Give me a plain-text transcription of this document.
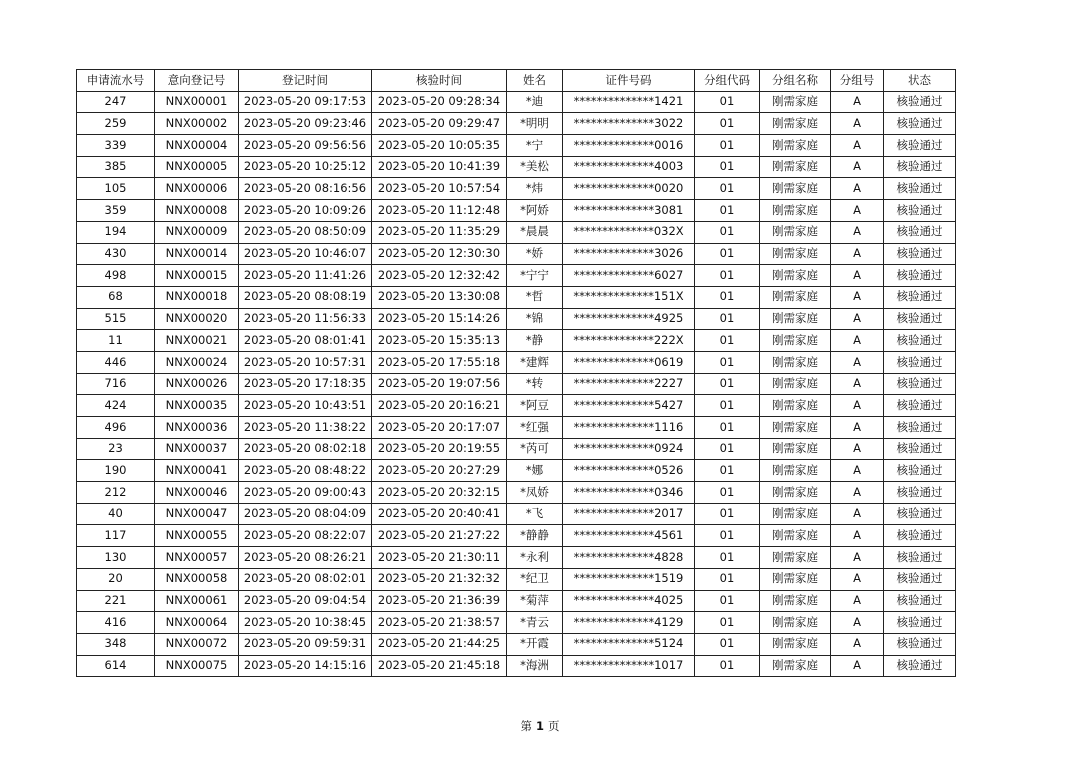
申请流水号	意向登记号	登记时间	核验时间	姓名	证件号码	分组代码	分组名称	分组号	状态
247	NNX00001	2023-05-20 09:17:53	2023-05-20 09:28:34	*迪	**************1421	01	刚需家庭	A	核验通过
259	NNX00002	2023-05-20 09:23:46	2023-05-20 09:29:47	*明明	**************3022	01	刚需家庭	A	核验通过
339	NNX00004	2023-05-20 09:56:56	2023-05-20 10:05:35	*宁	**************0016	01	刚需家庭	A	核验通过
385	NNX00005	2023-05-20 10:25:12	2023-05-20 10:41:39	*美松	**************4003	01	刚需家庭	A	核验通过
105	NNX00006	2023-05-20 08:16:56	2023-05-20 10:57:54	*炜	**************0020	01	刚需家庭	A	核验通过
359	NNX00008	2023-05-20 10:09:26	2023-05-20 11:12:48	*阿娇	**************3081	01	刚需家庭	A	核验通过
194	NNX00009	2023-05-20 08:50:09	2023-05-20 11:35:29	*晨晨	**************032X	01	刚需家庭	A	核验通过
430	NNX00014	2023-05-20 10:46:07	2023-05-20 12:30:30	*娇	**************3026	01	刚需家庭	A	核验通过
498	NNX00015	2023-05-20 11:41:26	2023-05-20 12:32:42	*宁宁	**************6027	01	刚需家庭	A	核验通过
68	NNX00018	2023-05-20 08:08:19	2023-05-20 13:30:08	*哲	**************151X	01	刚需家庭	A	核验通过
515	NNX00020	2023-05-20 11:56:33	2023-05-20 15:14:26	*锦	**************4925	01	刚需家庭	A	核验通过
11	NNX00021	2023-05-20 08:01:41	2023-05-20 15:35:13	*静	**************222X	01	刚需家庭	A	核验通过
446	NNX00024	2023-05-20 10:57:31	2023-05-20 17:55:18	*建辉	**************0619	01	刚需家庭	A	核验通过
716	NNX00026	2023-05-20 17:18:35	2023-05-20 19:07:56	*转	**************2227	01	刚需家庭	A	核验通过
424	NNX00035	2023-05-20 10:43:51	2023-05-20 20:16:21	*阿豆	**************5427	01	刚需家庭	A	核验通过
496	NNX00036	2023-05-20 11:38:22	2023-05-20 20:17:07	*红强	**************1116	01	刚需家庭	A	核验通过
23	NNX00037	2023-05-20 08:02:18	2023-05-20 20:19:55	*芮可	**************0924	01	刚需家庭	A	核验通过
190	NNX00041	2023-05-20 08:48:22	2023-05-20 20:27:29	*娜	**************0526	01	刚需家庭	A	核验通过
212	NNX00046	2023-05-20 09:00:43	2023-05-20 20:32:15	*凤娇	**************0346	01	刚需家庭	A	核验通过
40	NNX00047	2023-05-20 08:04:09	2023-05-20 20:40:41	*飞	**************2017	01	刚需家庭	A	核验通过
117	NNX00055	2023-05-20 08:22:07	2023-05-20 21:27:22	*静静	**************4561	01	刚需家庭	A	核验通过
130	NNX00057	2023-05-20 08:26:21	2023-05-20 21:30:11	*永利	**************4828	01	刚需家庭	A	核验通过
20	NNX00058	2023-05-20 08:02:01	2023-05-20 21:32:32	*纪卫	**************1519	01	刚需家庭	A	核验通过
221	NNX00061	2023-05-20 09:04:54	2023-05-20 21:36:39	*菊萍	**************4025	01	刚需家庭	A	核验通过
416	NNX00064	2023-05-20 10:38:45	2023-05-20 21:38:57	*青云	**************4129	01	刚需家庭	A	核验通过
348	NNX00072	2023-05-20 09:59:31	2023-05-20 21:44:25	*开霞	**************5124	01	刚需家庭	A	核验通过
614	NNX00075	2023-05-20 14:15:16	2023-05-20 21:45:18	*海洲	**************1017	01	刚需家庭	A	核验通过
第 1 页
